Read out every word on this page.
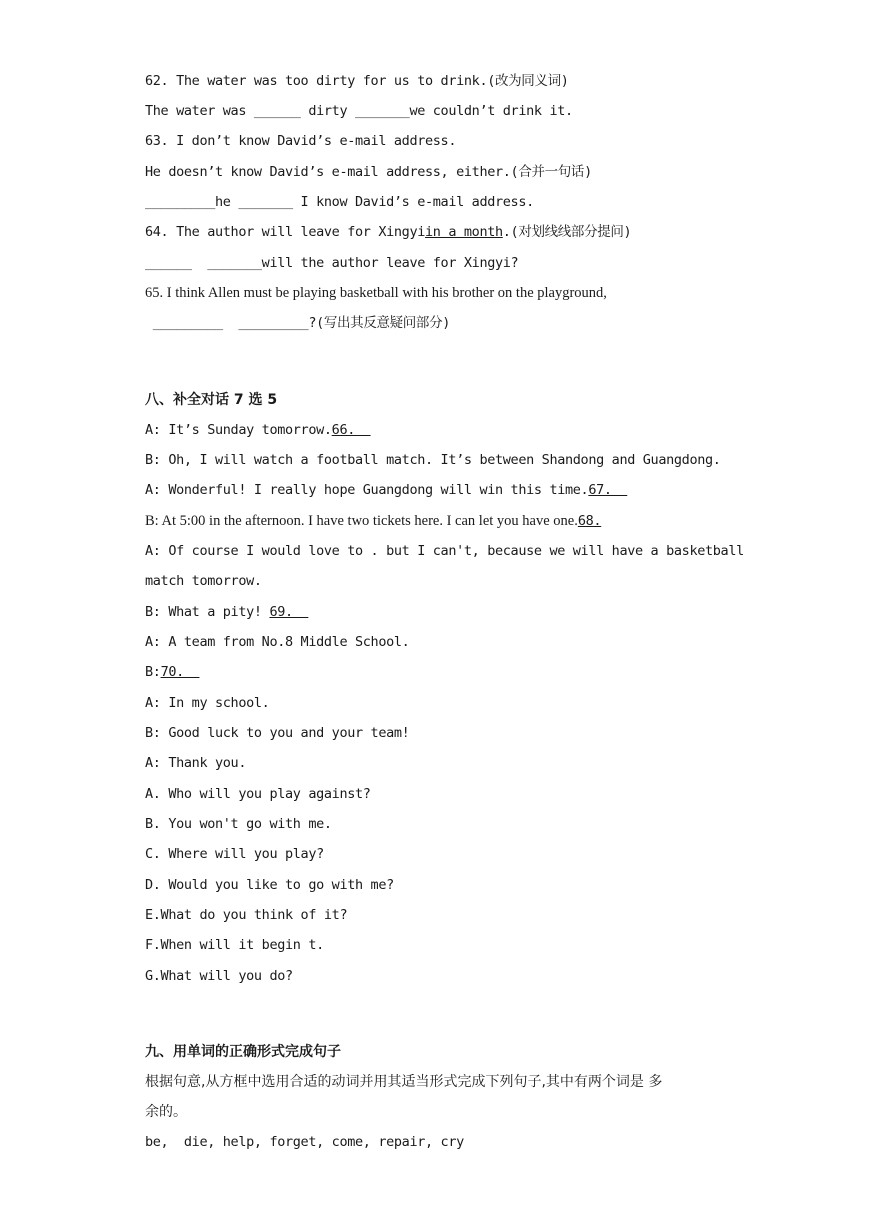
62. The water was too dirty for us to drink.(改为同义词)
The water was ______ dirty _______we couldn’t drink it.
63. I don’t know David’s e-mail address.
He doesn’t know David’s e-mail address, either.(合并一句话)
_________he _______ I know David’s e-mail address.
64. The author will leave for Xingyiin a month.(对划线线部分提问)
______  _______will the author leave for Xingyi?
65. I think Allen must be playing basketball with his brother on the playground,
_________  _________?(写出其反意疑问部分)
八、补全对话 7 选 5
A: It’s Sunday tomorrow.66.
B: Oh, I will watch a football match. It’s between Shandong and Guangdong.
A: Wonderful! I really hope Guangdong will win this time.67.
B: At 5:00 in the afternoon. I have two tickets here. I can let you have one.68.
A: Of course I would love to . but I can't, because we will have a basketball
match tomorrow.
B: What a pity! 69.
A: A team from No.8 Middle School.
B:70.
A: In my school.
B: Good luck to you and your team!
A: Thank you.
A. Who will you play against?
B. You won't go with me.
C. Where will you play?
D. Would you like to go with me?
E.What do you think of it?
F.When will it begin t.
G.What will you do?
九、用单词的正确形式完成句子
根据句意,从方框中选用合适的动词并用其适当形式完成下列句子,其中有两个词是 多
余的。
be,  die, help, forget, come, repair, cry
